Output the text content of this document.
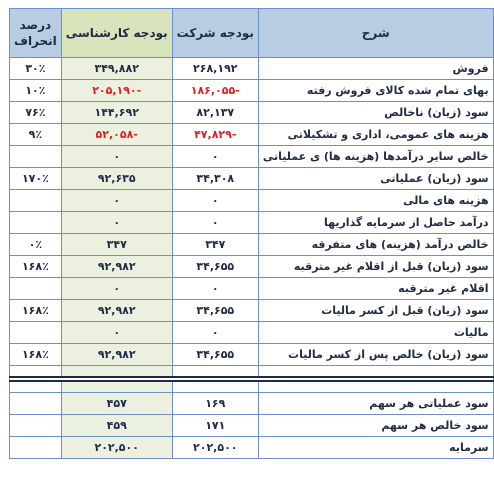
شرح	بودجه شرکت	بودجه کارشناسی	درصد
انحراف
فروش	۲۶۸,۱۹۲	۳۴۹,۸۸۲	۳۰٪
بهای تمام شده کالای فروش رفته	-۱۸۶,۰۵۵	-۲۰۵,۱۹۰	۱۰٪
سود (زیان) ناخالص	۸۲,۱۳۷	۱۴۴,۶۹۲	۷۶٪
هزینه های عمومی، اداری و تشکیلاتی	-۴۷,۸۲۹	-۵۲,۰۵۸	۹٪
خالص سایر درآمدها (هزینه ها) ی عملیاتی	۰	۰	
سود (زیان) عملیاتی	۳۴,۳۰۸	۹۲,۶۳۵	۱۷۰٪
هزینه های مالی	۰	۰	
درآمد حاصل از سرمایه گذاریها	۰	۰	
خالص درآمد (هزینه) های متفرقه	۳۴۷	۳۴۷	۰٪
سود (زیان) قبل از اقلام غیر مترقبه	۳۴,۶۵۵	۹۲,۹۸۲	۱۶۸٪
اقلام غیر مترقبه	۰	۰	
سود (زیان) قبل از کسر مالیات	۳۴,۶۵۵	۹۲,۹۸۲	۱۶۸٪
مالیات	۰	۰	
سود (زیان) خالص پس از کسر مالیات	۳۴,۶۵۵	۹۲,۹۸۲	۱۶۸٪

سود عملیاتی هر سهم	۱۶۹	۴۵۷	
سود خالص هر سهم	۱۷۱	۴۵۹	
سرمایه	۲۰۲,۵۰۰	۲۰۲,۵۰۰	
